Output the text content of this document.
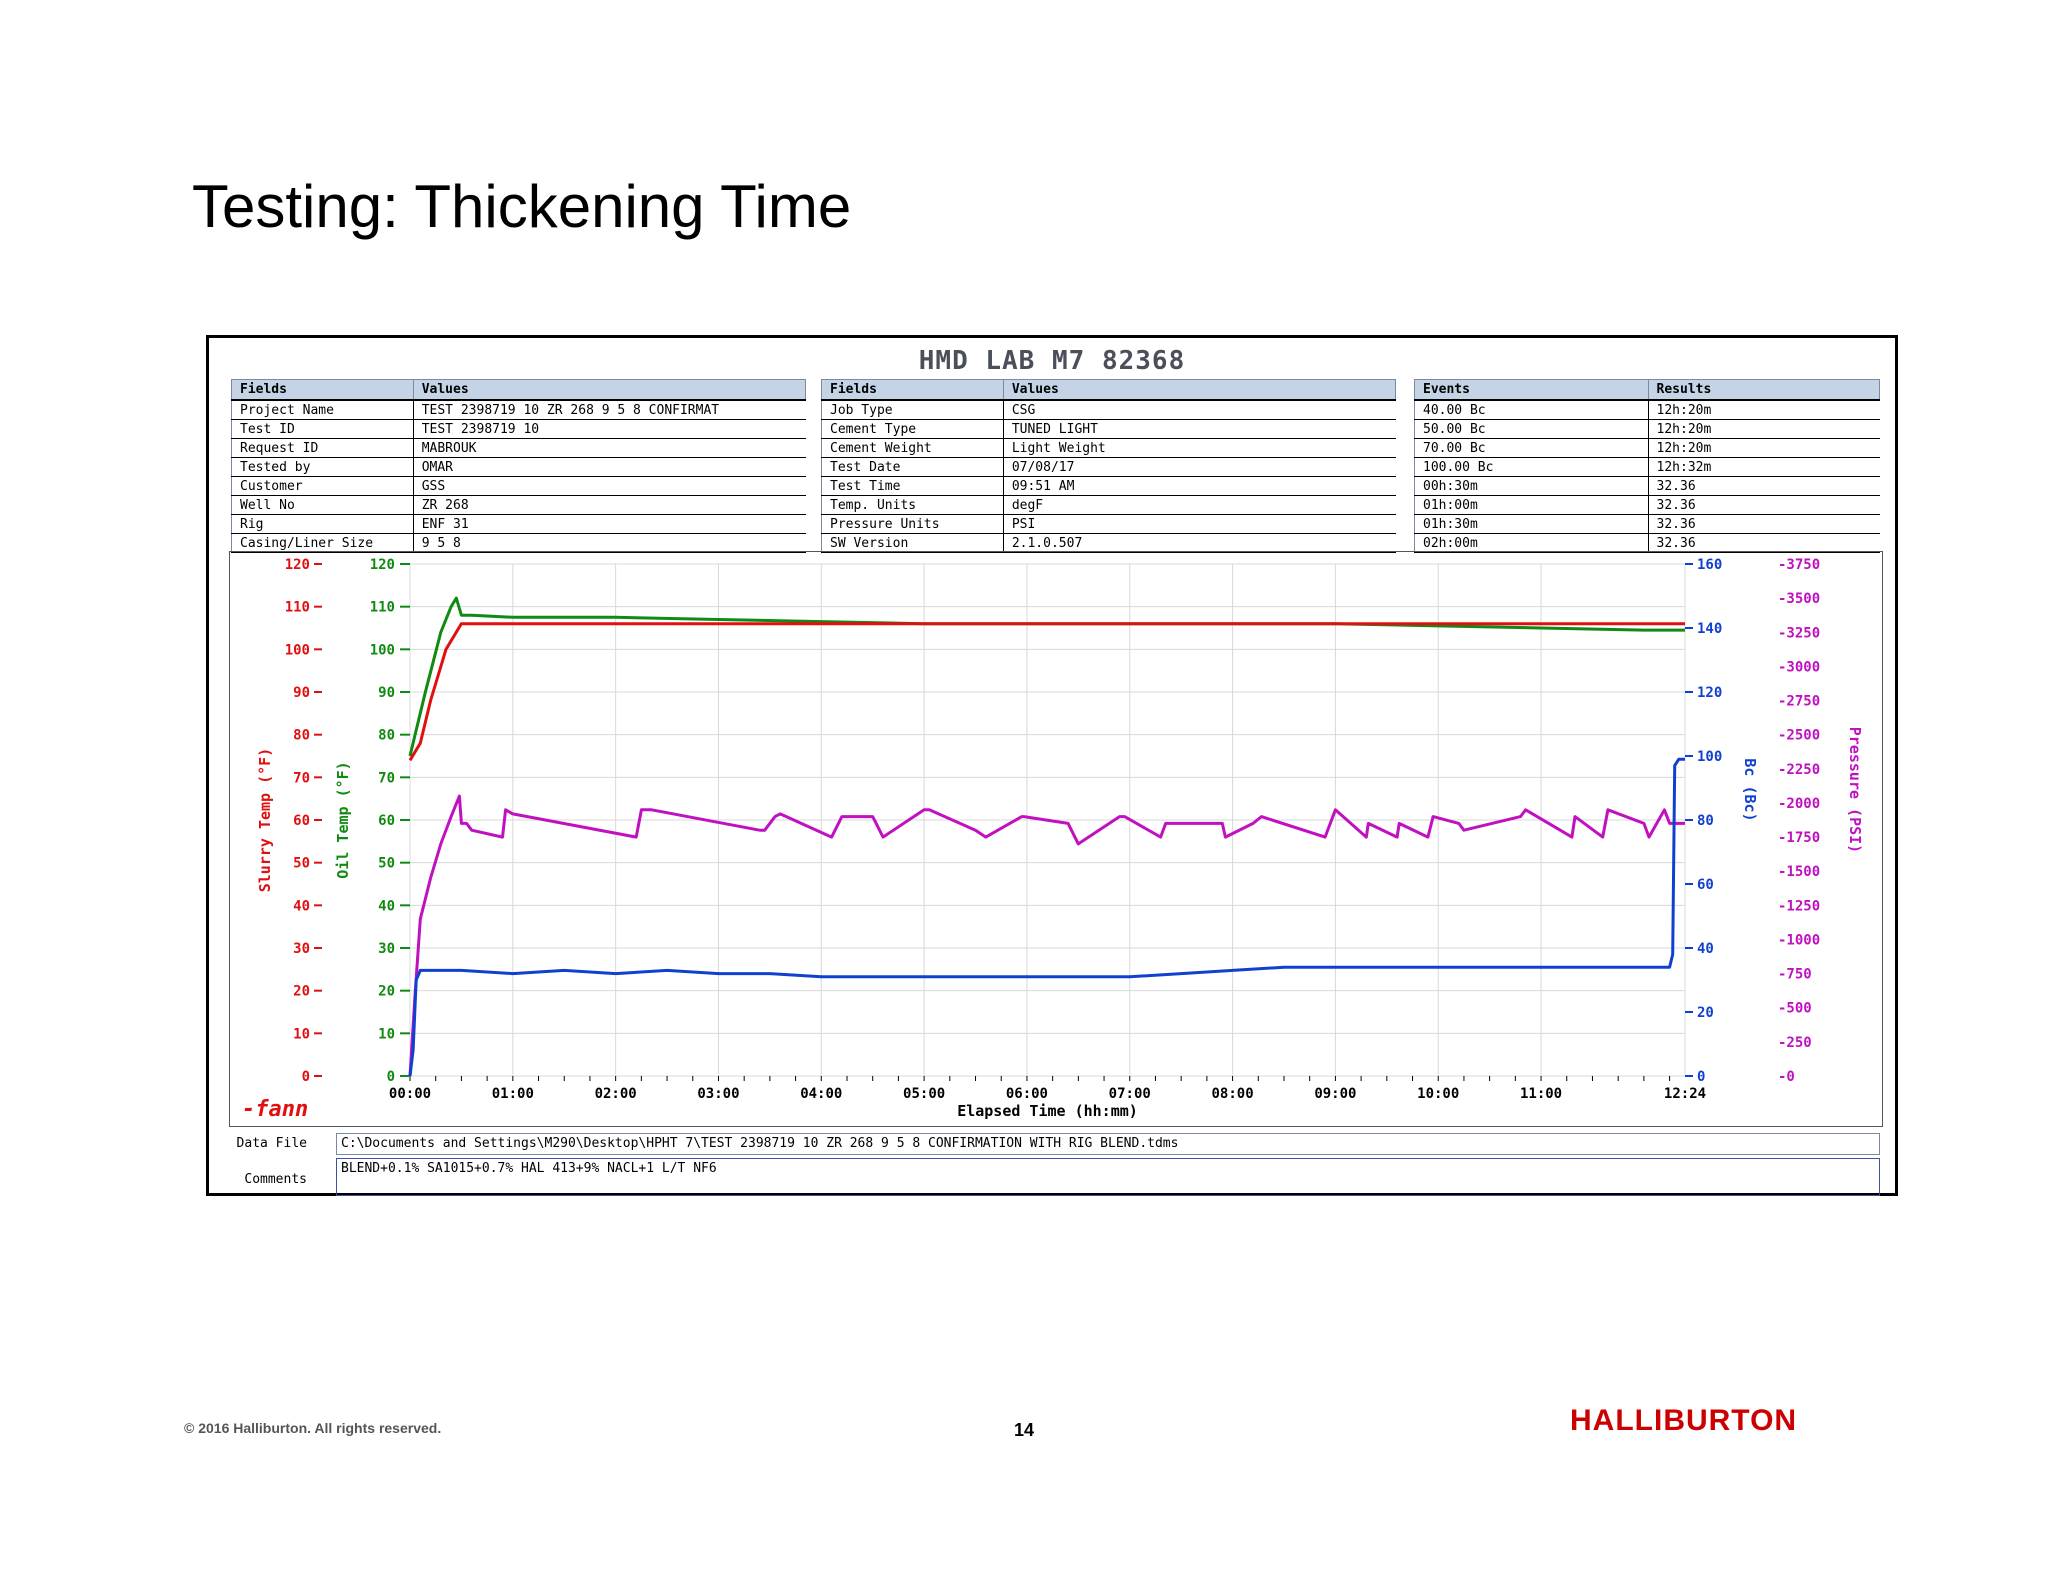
Testing: Thickening Time
HMD LAB M7 82368
Fields	Values
Project Name	TEST 2398719 10 ZR 268 9 5 8 CONFIRMAT
Test ID	TEST 2398719 10
Request ID	MABROUK
Tested by	OMAR
Customer	GSS
Well No	ZR 268
Rig	ENF 31
Casing/Liner Size	9 5 8
Fields	Values
Job Type	CSG
Cement Type	TUNED LIGHT
Cement Weight	Light Weight
Test Date	07/08/17
Test Time	09:51 AM
Temp. Units	degF
Pressure Units	PSI
SW Version	2.1.0.507
Events	Results
40.00 Bc	12h:20m
50.00 Bc	12h:20m
70.00 Bc	12h:20m
100.00 Bc	12h:32m
00h:30m	32.36
01h:00m	32.36
01h:30m	32.36
02h:00m	32.36
0
10
20
30
40
50
60
70
80
90
100
110
120
0
10
20
30
40
50
60
70
80
90
100
110
120
0
20
40
60
80
100
120
140
160
-0
-250
-500
-750
-1000
-1250
-1500
-1750
-2000
-2250
-2500
-2750
-3000
-3250
-3500
-3750
Slurry Temp (°F)	Oil Temp (°F)	Bc (Bc)	Pressure (PSI)
00:00	01:00	02:00	03:00	04:00	05:00	06:00	07:00	08:00	09:00	10:00	11:00	12:24
Elapsed Time (hh:mm)
-fann
Data File	C:\Documents and Settings\M290\Desktop\HPHT 7\TEST 2398719 10 ZR 268 9 5 8 CONFIRMATION WITH RIG BLEND.tdms
Comments
BLEND+0.1% SA1015+0.7% HAL 413+9% NACL+1 L/T NF6
© 2016 Halliburton. All rights reserved.	14	HALLIBURTON
